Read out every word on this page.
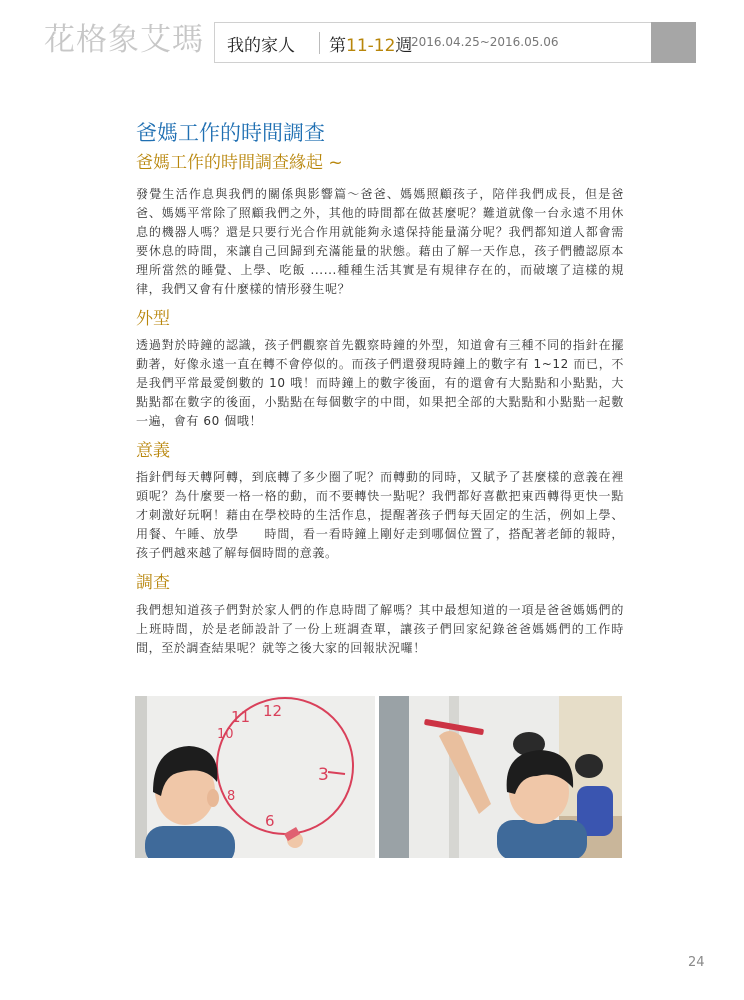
花格象艾瑪 我的家人 第11-12週
2016.04.25~2016.05.06
爸媽工作的時間調查
爸媽工作的時間調查緣起 ~

發覺生活作息與我們的關係與影響篇～爸爸、媽媽照顧孩子，陪伴我們成長，但是爸爸、媽媽平常除了照顧我們之外，其他的時間都在做甚麼呢？難道就像一台永遠不用休息的機器人嗎？還是只要行光合作用就能夠永遠保持能量滿分呢？我們都知道人都會需要休息的時間，來讓自己回歸到充滿能量的狀態。藉由了解一天作息，孩子們體認原本理所當然的睡覺、上學、吃飯 ......種種生活其實是有規律存在的，而破壞了這樣的規律，我們又會有什麼樣的情形發生呢？

外型

透過對於時鐘的認識，孩子們觀察首先觀察時鐘的外型，知道會有三種不同的指針在擺動著，好像永遠一直在轉不會停似的。而孩子們還發現時鐘上的數字有 1~12 而已，不是我們平常最愛倒數的 10 哦！而時鐘上的數字後面，有的還會有大點點和小點點，大點點都在數字的後面，小點點在每個數字的中間，如果把全部的大點點和小點點一起數一遍，會有 60 個哦！

意義

指針們每天轉阿轉，到底轉了多少圈了呢？而轉動的同時，又賦予了甚麼樣的意義在裡頭呢？為什麼要一格一格的動，而不要轉快一點呢？我們都好喜歡把東西轉得更快一點才刺激好玩啊！藉由在學校時的生活作息，提醒著孩子們每天固定的生活，例如上學、用餐、午睡、放學　　時間，看一看時鐘上剛好走到哪個位置了，搭配著老師的報時，孩子們越來越了解每個時間的意義。

調查

我們想知道孩子們對於家人們的作息時間了解嗎？其中最想知道的一項是爸爸媽媽們的上班時間，於是老師設計了一份上班調查單，讓孩子們回家紀錄爸爸媽媽們的工作時間，至於調查結果呢？就等之後大家的回報狀況囉！

12
11
10
3
8
6
24
